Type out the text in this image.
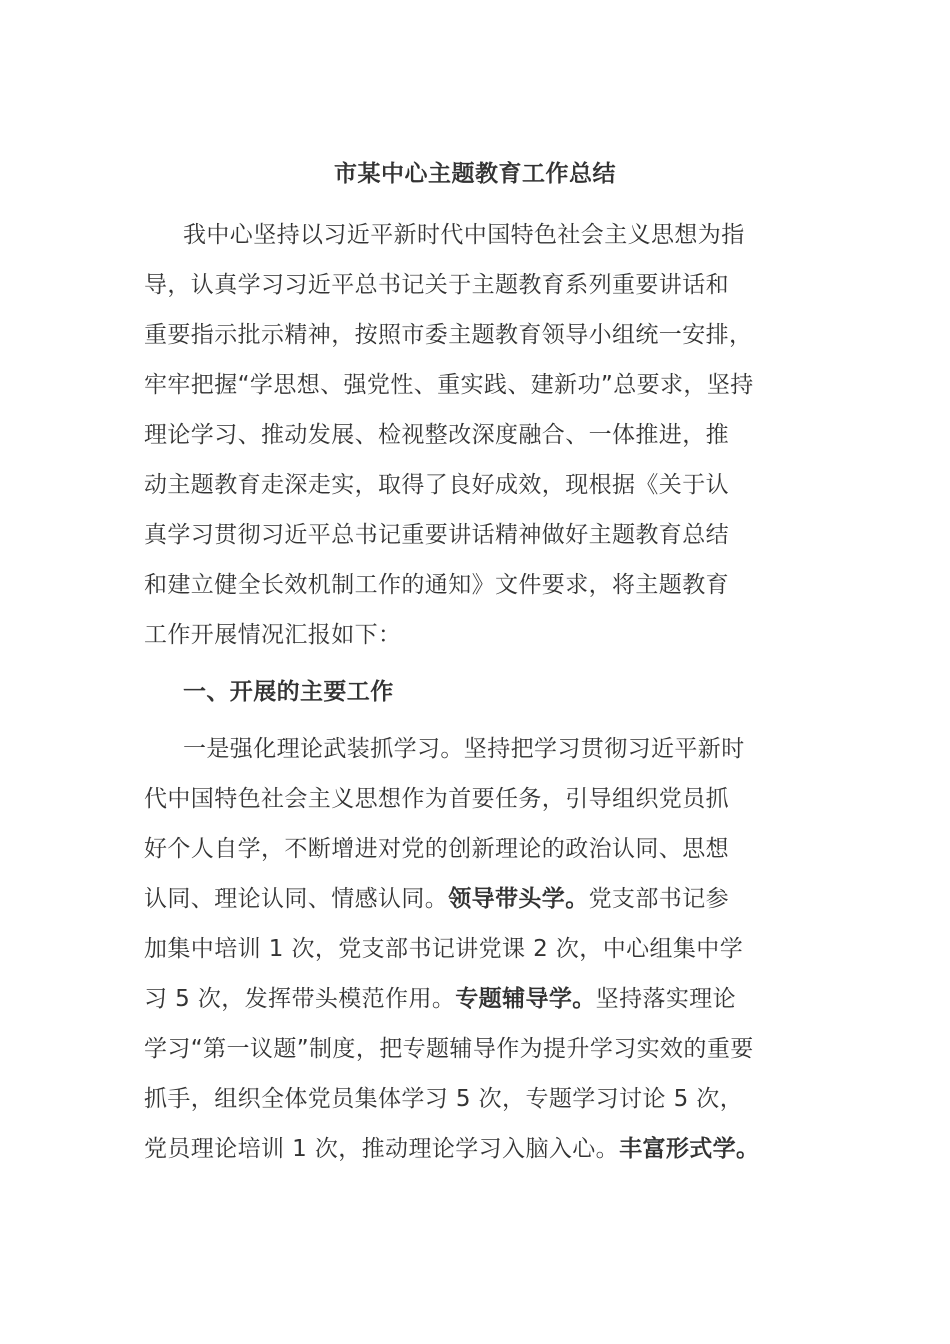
市某中心主题教育工作总结
我中心坚持以习近平新时代中国特色社会主义思想为指
导，认真学习习近平总书记关于主题教育系列重要讲话和
重要指示批示精神，按照市委主题教育领导小组统一安排，
牢牢把握“学思想、强党性、重实践、建新功”总要求，坚持
理论学习、推动发展、检视整改深度融合、一体推进，推
动主题教育走深走实，取得了良好成效，现根据《关于认
真学习贯彻习近平总书记重要讲话精神做好主题教育总结
和建立健全长效机制工作的通知》文件要求，将主题教育
工作开展情况汇报如下：
一、开展的主要工作
一是强化理论武装抓学习。坚持把学习贯彻习近平新时
代中国特色社会主义思想作为首要任务，引导组织党员抓
好个人自学，不断增进对党的创新理论的政治认同、思想
认同、理论认同、情感认同。领导带头学。党支部书记参
加集中培训 1 次，党支部书记讲党课 2 次，中心组集中学
习 5 次，发挥带头模范作用。专题辅导学。坚持落实理论
学习“第一议题”制度，把专题辅导作为提升学习实效的重要
抓手，组织全体党员集体学习 5 次，专题学习讨论 5 次，
党员理论培训 1 次，推动理论学习入脑入心。丰富形式学。
